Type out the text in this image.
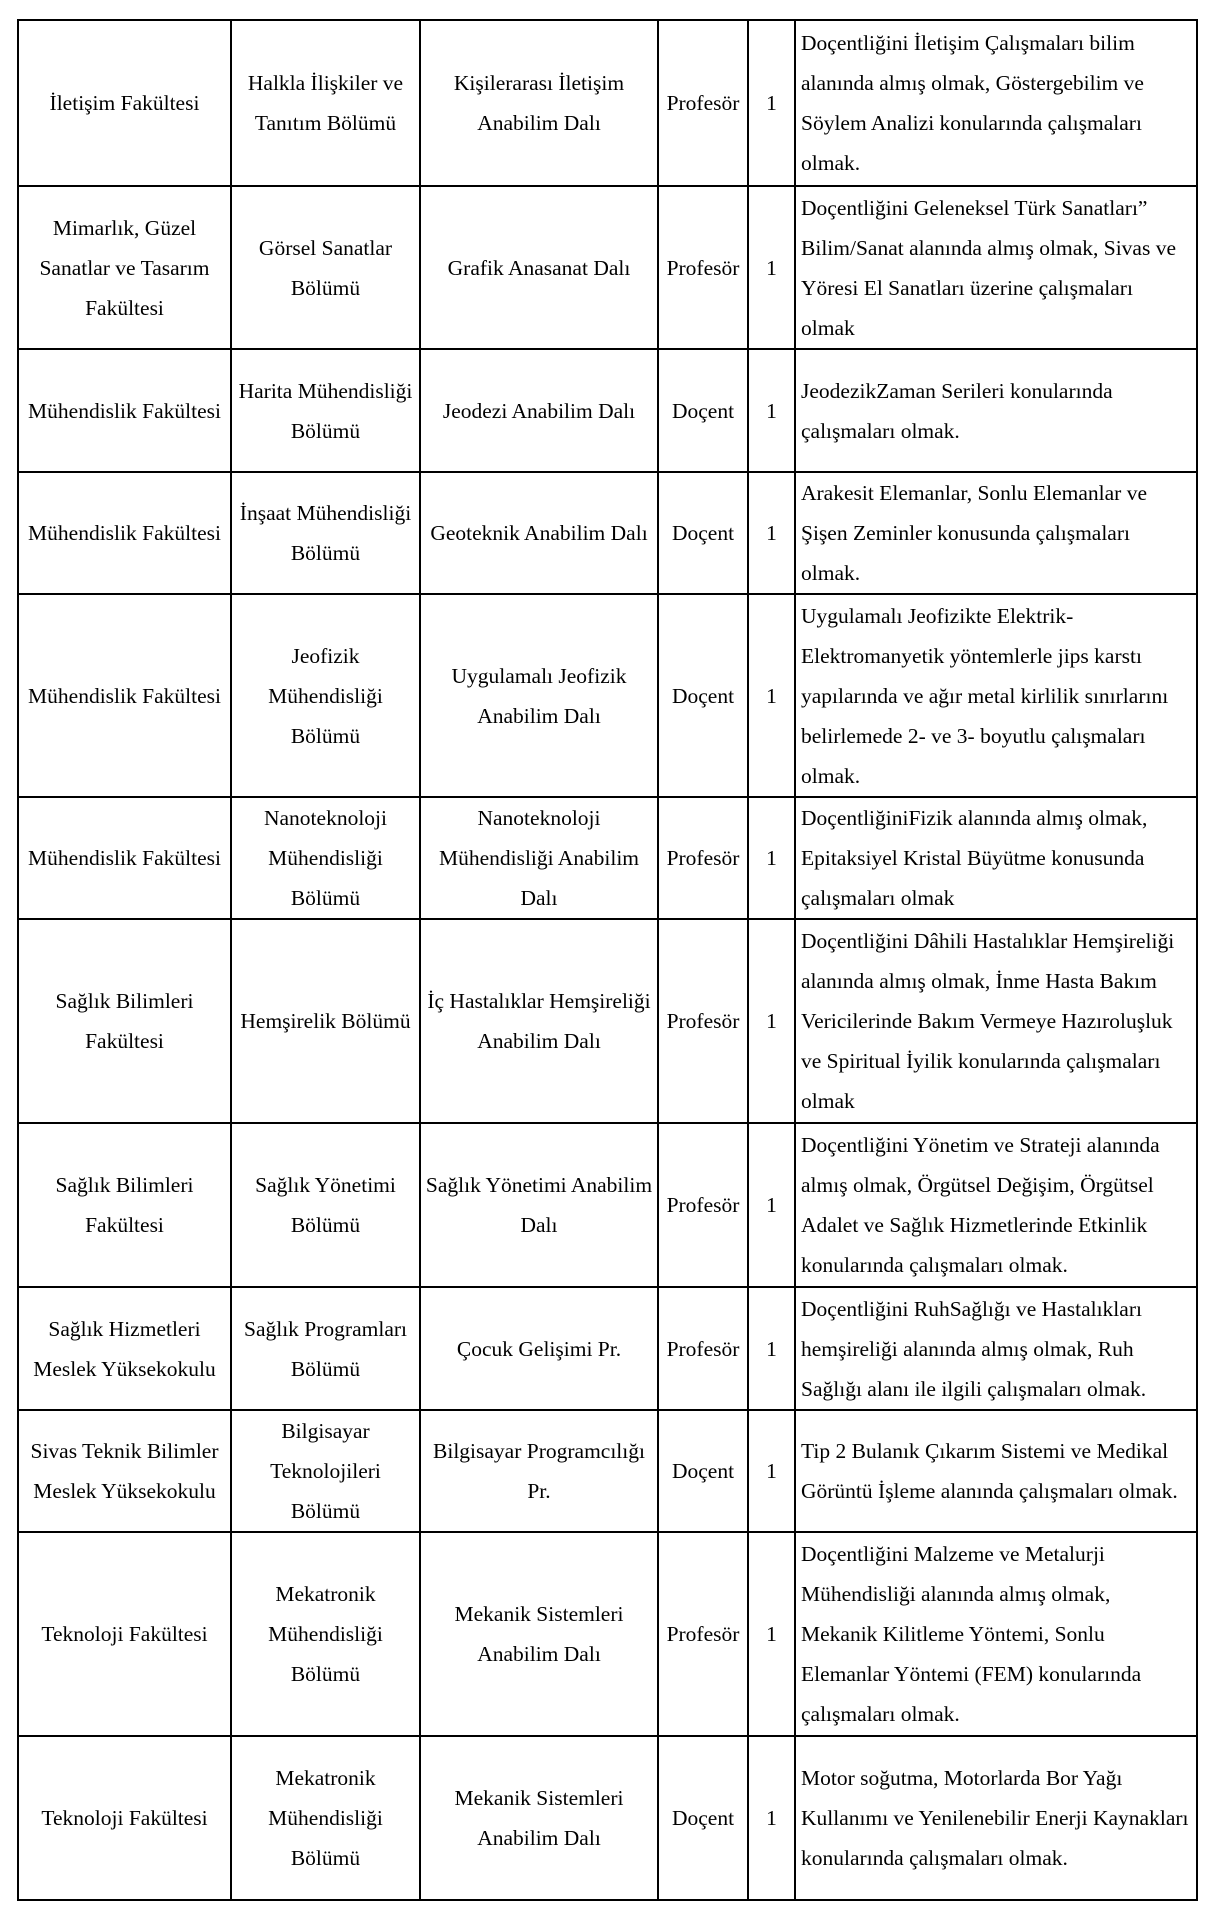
İletişim Fakültesi	Halkla İlişkiler ve Tanıtım Bölümü	Kişilerarası İletişim Anabilim Dalı	Profesör	1	Doçentliğini İletişim Çalışmaları bilim alanında almış olmak, Göstergebilim ve Söylem Analizi konularında çalışmaları olmak.
Mimarlık, Güzel Sanatlar ve Tasarım Fakültesi	Görsel Sanatlar Bölümü	Grafik Anasanat Dalı	Profesör	1	Doçentliğini Geleneksel Türk Sanatları” Bilim/Sanat alanında almış olmak, Sivas ve Yöresi El Sanatları üzerine çalışmaları olmak
Mühendislik Fakültesi	Harita Mühendisliği Bölümü	Jeodezi Anabilim Dalı	Doçent	1	JeodezikZaman Serileri konularında çalışmaları olmak.
Mühendislik Fakültesi	İnşaat Mühendisliği Bölümü	Geoteknik Anabilim Dalı	Doçent	1	Arakesit Elemanlar, Sonlu Elemanlar ve Şişen Zeminler konusunda çalışmaları olmak.
Mühendislik Fakültesi	Jeofizik Mühendisliği Bölümü	Uygulamalı Jeofizik Anabilim Dalı	Doçent	1	Uygulamalı Jeofizikte Elektrik-Elektromanyetik yöntemlerle jips karstı yapılarında ve ağır metal kirlilik sınırlarını belirlemede 2- ve 3- boyutlu çalışmaları olmak.
Mühendislik Fakültesi	Nanoteknoloji Mühendisliği Bölümü	Nanoteknoloji Mühendisliği Anabilim Dalı	Profesör	1	DoçentliğiniFizik alanında almış olmak, Epitaksiyel Kristal Büyütme konusunda çalışmaları olmak
Sağlık Bilimleri Fakültesi	Hemşirelik Bölümü	İç Hastalıklar Hemşireliği Anabilim Dalı	Profesör	1	Doçentliğini Dâhili Hastalıklar Hemşireliği alanında almış olmak, İnme Hasta Bakım Vericilerinde Bakım Vermeye Hazıroluşluk ve Spiritual İyilik konularında çalışmaları olmak
Sağlık Bilimleri Fakültesi	Sağlık Yönetimi Bölümü	Sağlık Yönetimi Anabilim Dalı	Profesör	1	Doçentliğini Yönetim ve Strateji alanında almış olmak, Örgütsel Değişim, Örgütsel Adalet ve Sağlık Hizmetlerinde Etkinlik konularında çalışmaları olmak.
Sağlık Hizmetleri Meslek Yüksekokulu	Sağlık Programları Bölümü	Çocuk Gelişimi Pr.	Profesör	1	Doçentliğini RuhSağlığı ve Hastalıkları hemşireliği alanında almış olmak, Ruh Sağlığı alanı ile ilgili çalışmaları olmak.
Sivas Teknik Bilimler Meslek Yüksekokulu	Bilgisayar Teknolojileri Bölümü	Bilgisayar Programcılığı Pr.	Doçent	1	Tip 2 Bulanık Çıkarım Sistemi ve Medikal Görüntü İşleme alanında çalışmaları olmak.
Teknoloji Fakültesi	Mekatronik Mühendisliği Bölümü	Mekanik Sistemleri Anabilim Dalı	Profesör	1	Doçentliğini Malzeme ve Metalurji Mühendisliği alanında almış olmak, Mekanik Kilitleme Yöntemi, Sonlu Elemanlar Yöntemi (FEM) konularında çalışmaları olmak.
Teknoloji Fakültesi	Mekatronik Mühendisliği Bölümü	Mekanik Sistemleri Anabilim Dalı	Doçent	1	Motor soğutma, Motorlarda Bor Yağı Kullanımı ve Yenilenebilir Enerji Kaynakları konularında çalışmaları olmak.
